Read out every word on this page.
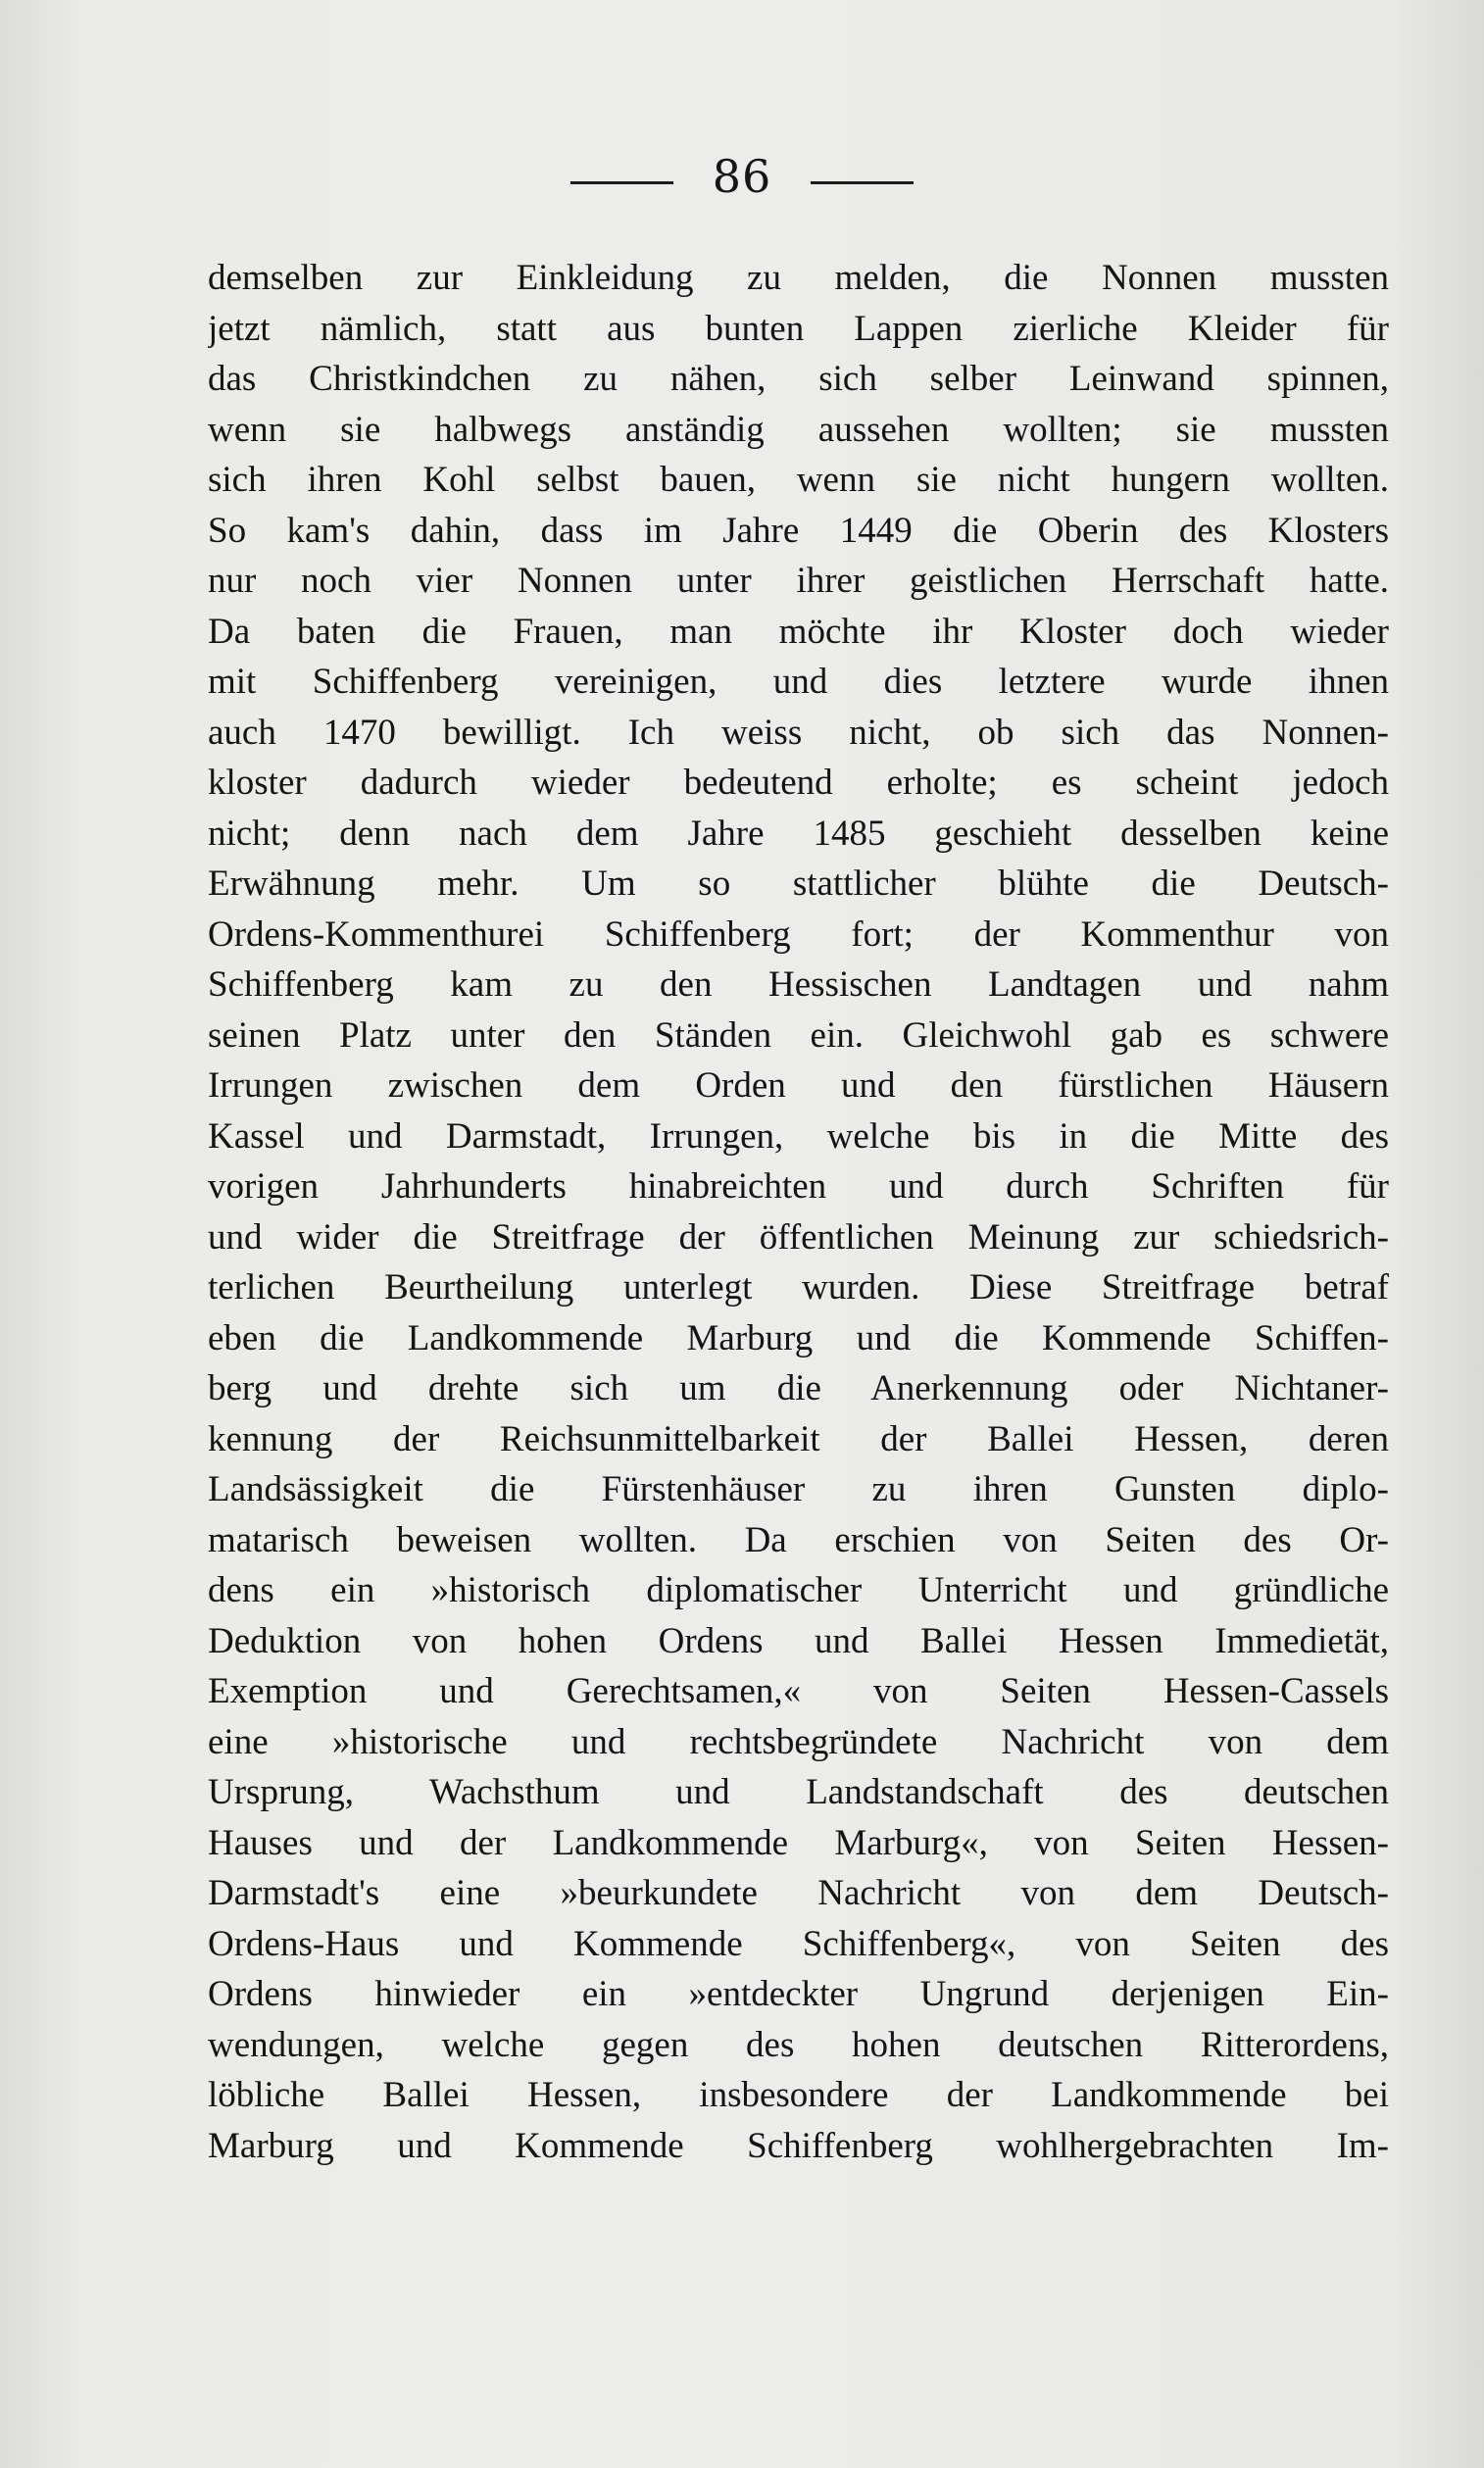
86
demselben zur Einkleidung zu melden, die Nonnen mussten
jetzt nämlich, statt aus bunten Lappen zierliche Kleider für
das Christkindchen zu nähen, sich selber Leinwand spinnen,
wenn sie halbwegs anständig aussehen wollten; sie mussten
sich ihren Kohl selbst bauen, wenn sie nicht hungern wollten.
So kam's dahin, dass im Jahre 1449 die Oberin des Klosters
nur noch vier Nonnen unter ihrer geistlichen Herrschaft hatte.
Da baten die Frauen, man möchte ihr Kloster doch wieder
mit Schiffenberg vereinigen, und dies letztere wurde ihnen
auch 1470 bewilligt. Ich weiss nicht, ob sich das Nonnen-
kloster dadurch wieder bedeutend erholte; es scheint jedoch
nicht; denn nach dem Jahre 1485 geschieht desselben keine
Erwähnung mehr. Um so stattlicher blühte die Deutsch-
Ordens-Kommenthurei Schiffenberg fort; der Kommenthur von
Schiffenberg kam zu den Hessischen Landtagen und nahm
seinen Platz unter den Ständen ein. Gleichwohl gab es schwere
Irrungen zwischen dem Orden und den fürstlichen Häusern
Kassel und Darmstadt, Irrungen, welche bis in die Mitte des
vorigen Jahrhunderts hinabreichten und durch Schriften für
und wider die Streitfrage der öffentlichen Meinung zur schiedsrich-
terlichen Beurtheilung unterlegt wurden. Diese Streitfrage betraf
eben die Landkommende Marburg und die Kommende Schiffen-
berg und drehte sich um die Anerkennung oder Nichtaner-
kennung der Reichsunmittelbarkeit der Ballei Hessen, deren
Landsässigkeit die Fürstenhäuser zu ihren Gunsten diplo-
matarisch beweisen wollten. Da erschien von Seiten des Or-
dens ein »historisch diplomatischer Unterricht und gründliche
Deduktion von hohen Ordens und Ballei Hessen Immedietät,
Exemption und Gerechtsamen,« von Seiten Hessen-Cassels
eine »historische und rechtsbegründete Nachricht von dem
Ursprung, Wachsthum und Landstandschaft des deutschen
Hauses und der Landkommende Marburg«, von Seiten Hessen-
Darmstadt's eine »beurkundete Nachricht von dem Deutsch-
Ordens-Haus und Kommende Schiffenberg«, von Seiten des
Ordens hinwieder ein »entdeckter Ungrund derjenigen Ein-
wendungen, welche gegen des hohen deutschen Ritterordens,
löbliche Ballei Hessen, insbesondere der Landkommende bei
Marburg und Kommende Schiffenberg wohlhergebrachten Im-
